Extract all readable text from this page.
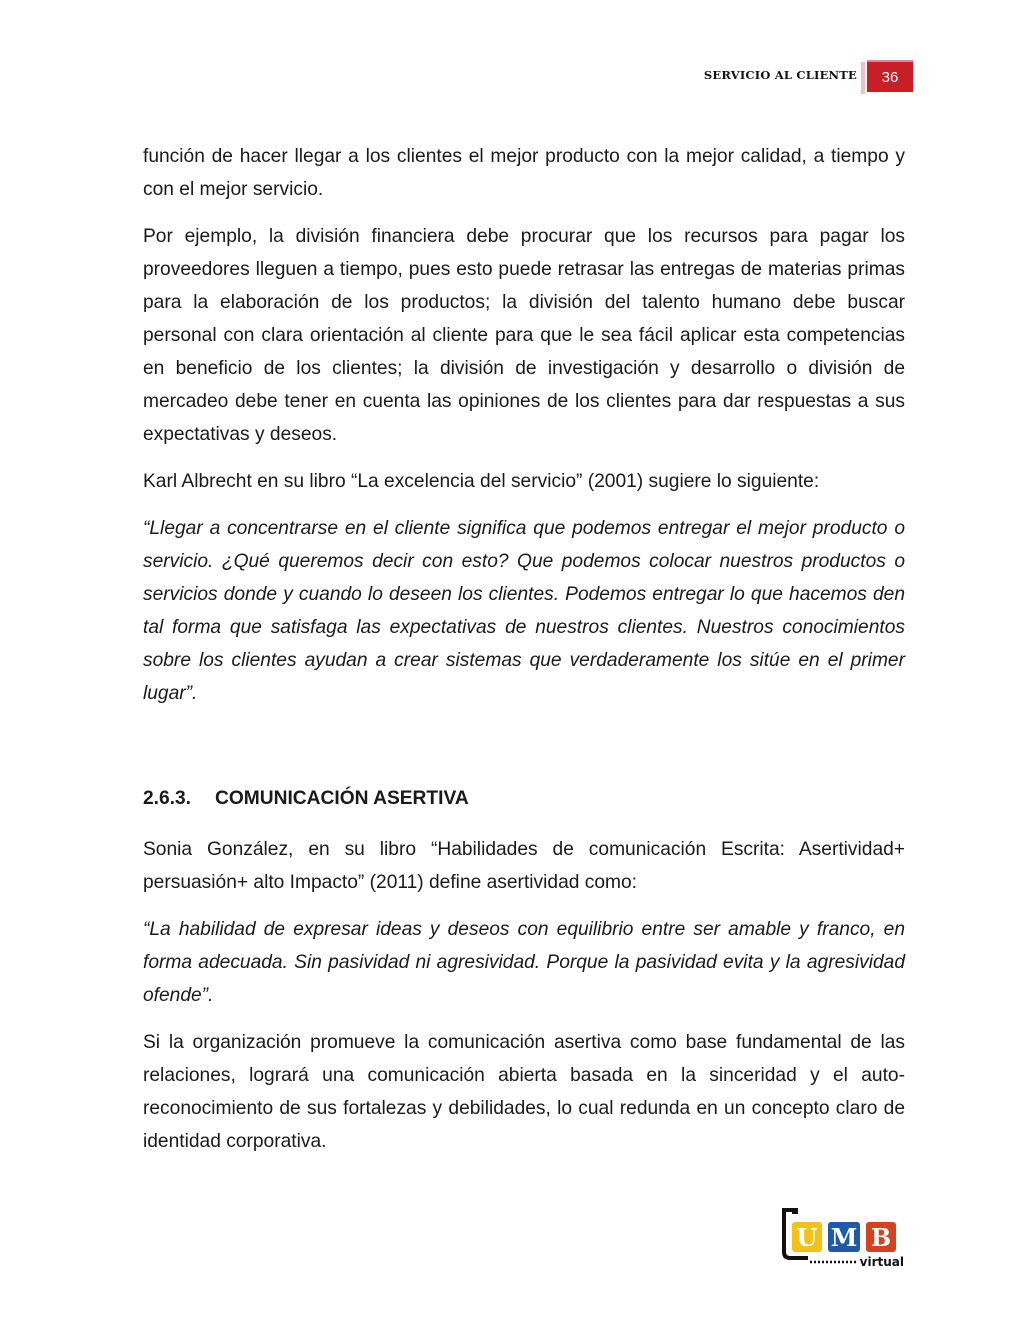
SERVICIO AL CLIENTE 36

función de hacer llegar a los clientes el mejor producto con la mejor calidad, a tiempo y con el mejor servicio.

Por ejemplo, la división financiera debe procurar que los recursos para pagar los proveedores lleguen a tiempo, pues esto puede retrasar las entregas de materias primas para la elaboración de los productos; la división del talento humano debe buscar personal con clara orientación al cliente para que le sea fácil aplicar esta competencias en beneficio de los clientes; la división de investigación y desarrollo o división de mercadeo debe tener en cuenta las opiniones de los clientes para dar respuestas a sus expectativas y deseos.

Karl Albrecht en su libro “La excelencia del servicio” (2001) sugiere lo siguiente:

“Llegar a concentrarse en el cliente significa que podemos entregar el mejor producto o servicio. ¿Qué queremos decir con esto? Que podemos colocar nuestros productos o servicios donde y cuando lo deseen los clientes. Podemos entregar lo que hacemos den tal forma que satisfaga las expectativas de nuestros clientes. Nuestros conocimientos sobre los clientes ayudan a crear sistemas que verdaderamente los sitúe en el primer lugar”.

2.6.3. COMUNICACIÓN ASERTIVA

Sonia González, en su libro “Habilidades de comunicación Escrita: Asertividad+ persuasión+ alto Impacto” (2011) define asertividad como:

“La habilidad de expresar ideas y deseos con equilibrio entre ser amable y franco, en forma adecuada. Sin pasividad ni agresividad. Porque la pasividad evita y la agresividad ofende”.

Si la organización promueve la comunicación asertiva como base fundamental de las relaciones, logrará una comunicación abierta basada en la sinceridad y el auto-reconocimiento de sus fortalezas y debilidades, lo cual redunda en un concepto claro de identidad corporativa.

U M B
virtual
